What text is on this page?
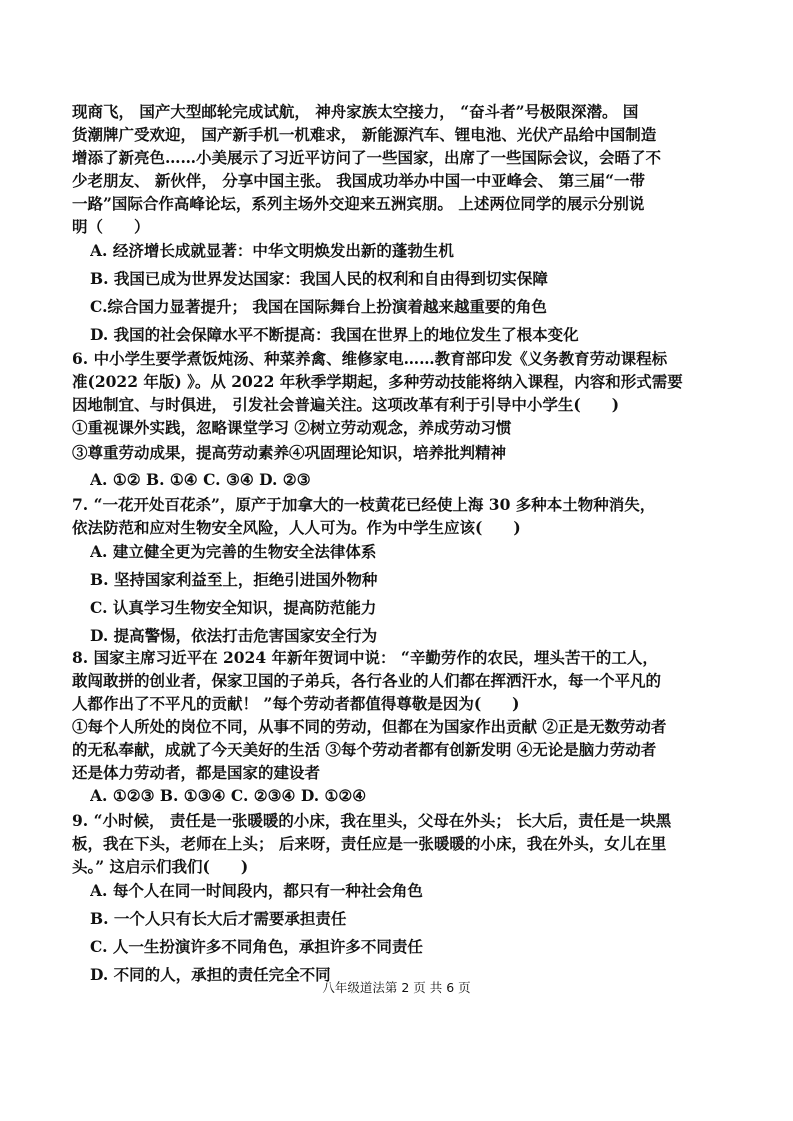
现商飞， 国产大型邮轮完成试航， 神舟家族太空接力， “奋斗者”号极限深潜。 国
货潮牌广受欢迎， 国产新手机一机难求， 新能源汽车、锂电池、光伏产品给中国制造
增添了新亮色……小美展示了习近平访问了一些国家，出席了一些国际会议，会晤了不
少老朋友、 新伙伴， 分享中国主张。 我国成功举办中国一中亚峰会、 第三届“一带
一路”国际合作高峰论坛，系列主场外交迎来五洲宾朋。 上述两位同学的展示分别说
明（　　）
A. 经济增长成就显著：中华文明焕发出新的蓬勃生机
B. 我国已成为世界发达国家：我国人民的权利和自由得到切实保障
C.综合国力显著提升； 我国在国际舞台上扮演着越来越重要的角色
D. 我国的社会保障水平不断提高：我国在世界上的地位发生了根本变化
6. 中小学生要学煮饭炖汤、种菜养禽、维修家电……教育部印发《义务教育劳动课程标
准(2022 年版) 》。从 2022 年秋季学期起，多种劳动技能将纳入课程，内容和形式需要
因地制宜、与时俱进， 引发社会普遍关注。这项改革有利于引导中小学生(　　)
①重视课外实践，忽略课堂学习 ②树立劳动观念，养成劳动习惯
③尊重劳动成果，提高劳动素养④巩固理论知识，培养批判精神
A. ①② B. ①④ C. ③④ D. ②③
7. “一花开处百花杀”，原产于加拿大的一枝黄花已经使上海 30 多种本土物种消失，
依法防范和应对生物安全风险，人人可为。作为中学生应该(　　)
A. 建立健全更为完善的生物安全法律体系
B. 坚持国家利益至上，拒绝引进国外物种
C. 认真学习生物安全知识，提高防范能力
D. 提高警惕，依法打击危害国家安全行为
8. 国家主席习近平在 2024 年新年贺词中说： “辛勤劳作的农民，埋头苦干的工人，
敢闯敢拼的创业者，保家卫国的子弟兵，各行各业的人们都在挥洒汗水，每一个平凡的
人都作出了不平凡的贡献！ ”每个劳动者都值得尊敬是因为(　　)
①每个人所处的岗位不同，从事不同的劳动，但都在为国家作出贡献 ②正是无数劳动者
的无私奉献，成就了今天美好的生活 ③每个劳动者都有创新发明 ④无论是脑力劳动者
还是体力劳动者，都是国家的建设者
A. ①②③ B. ①③④ C. ②③④ D. ①②④
9. “小时候， 责任是一张暖暖的小床，我在里头，父母在外头； 长大后，责任是一块黑
板，我在下头，老师在上头； 后来呀，责任应是一张暖暖的小床，我在外头，女儿在里
头。” 这启示们我们(　　)
A. 每个人在同一时间段内，都只有一种社会角色
B. 一个人只有长大后才需要承担责任
C. 人一生扮演许多不同角色，承担许多不同责任
D. 不同的人，承担的责任完全不同
八年级道法第 2 页 共 6 页
